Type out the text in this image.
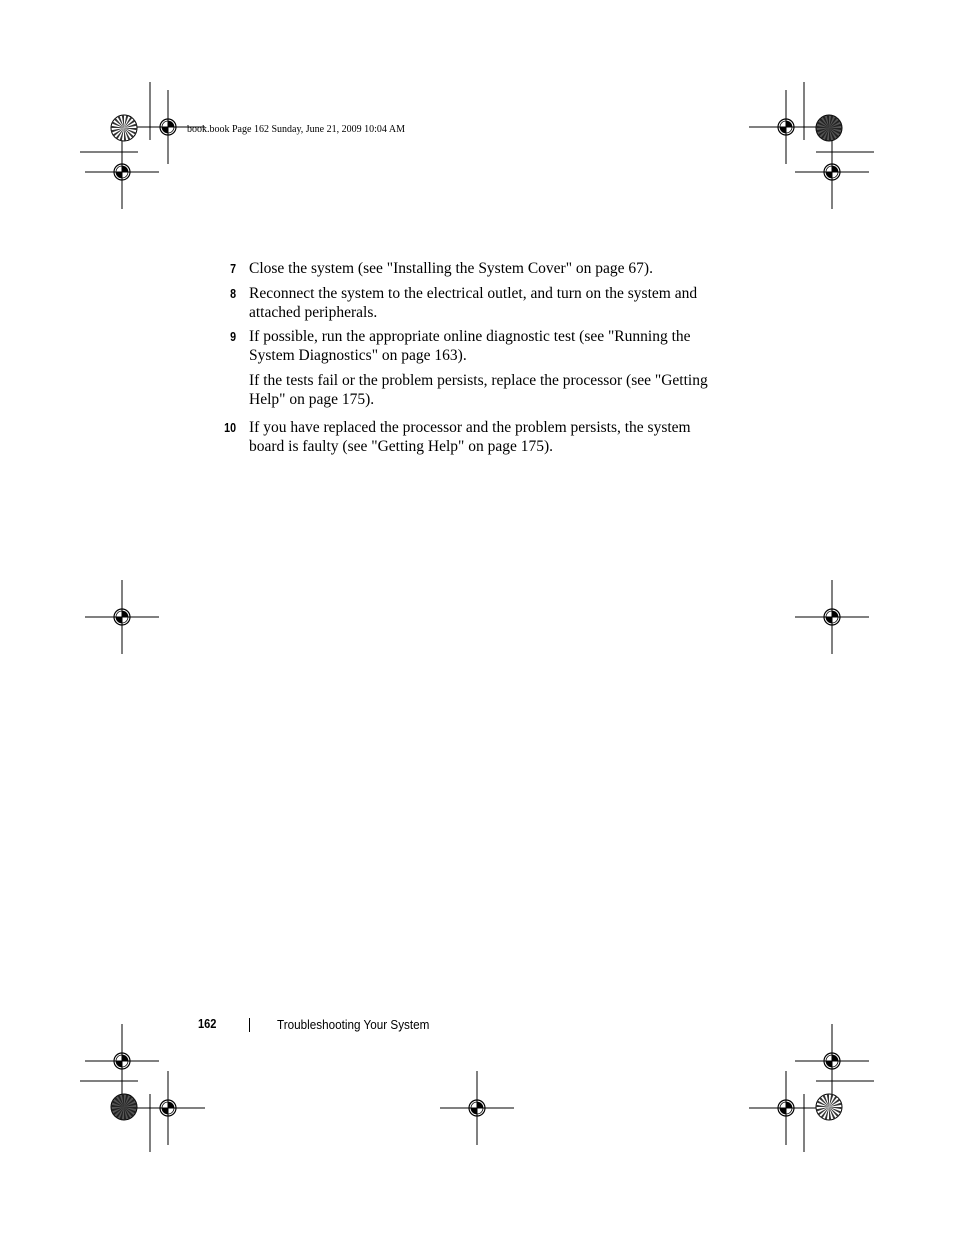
book.book Page 162 Sunday, June 21, 2009 10:04 AM
7 Close the system (see "Installing the System Cover" on page 67).
8 Reconnect the system to the electrical outlet, and turn on the system and attached peripherals.
9 If possible, run the appropriate online diagnostic test (see "Running the System Diagnostics" on page 163).
If the tests fail or the problem persists, replace the processor (see "Getting Help" on page 175).
10 If you have replaced the processor and the problem persists, the system board is faulty (see "Getting Help" on page 175).
162	Troubleshooting Your System
